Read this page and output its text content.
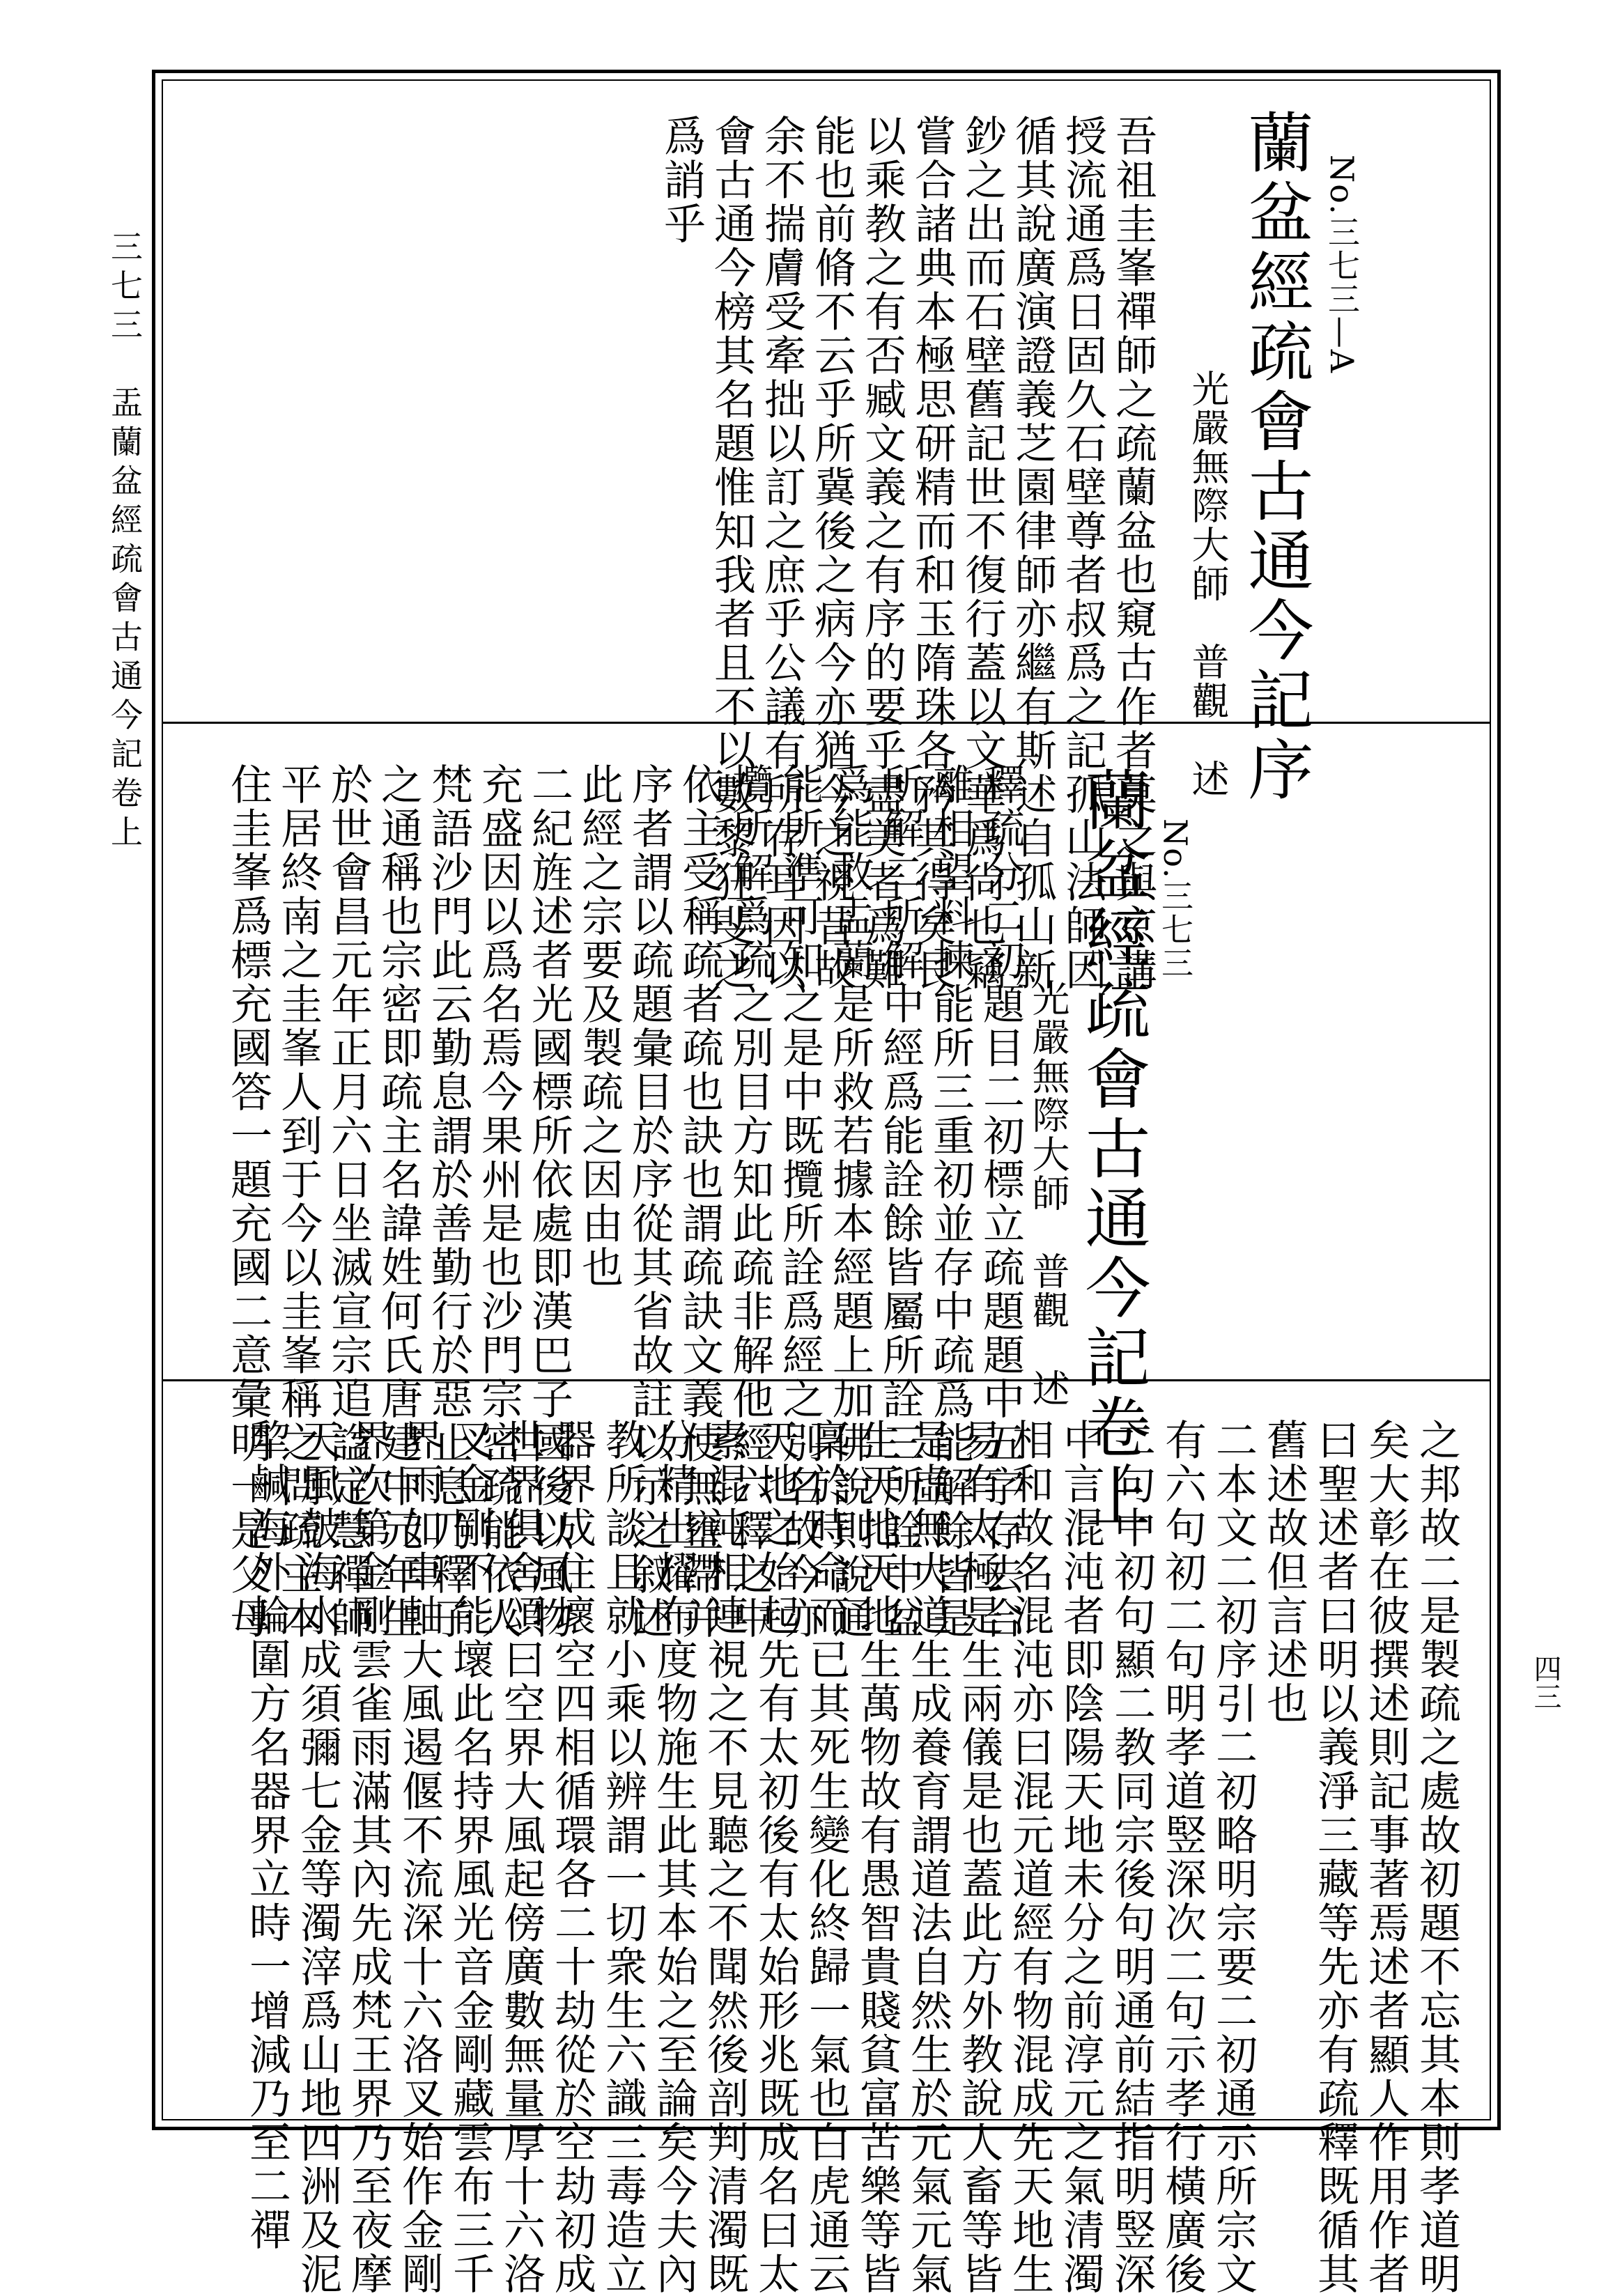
三七三　盂蘭盆經疏會古通今記卷上
四三
No.三七三—A
蘭盆經疏會古通今記序
光嚴無際大師　普觀　述
吾祖圭峯禪師之疏蘭盆也窺古作者莫之與京講
授流通爲日固久石壁尊者叔爲之記孤山法師因
循其說廣演證義芝園律師亦繼有斯述自孤山新
鈔之出而石壁舊記世不復行蓋以文華爲尙也竊
嘗合諸典本極思研精而和玉隋珠各矜其得矣艮
以乘教之有否臧文義之有序的要乎盡美者爲難
能也前脩不云乎所冀後之病今亦猶今之視昔故
余不揣膚受牽拙以訂之庶乎公議有所存耳因以
會古通今榜其名題惟知我者且不以數黎狂斐之
爲誚乎
No.三七三
蘭盆經疏會古通今記卷上
光嚴無際大師　普觀　述
釋疏分二初題目二初標立疏題題中五字存去合
離相望料揀能所三重初並存中疏爲能解餘皆是
所解二所解中經爲能詮餘皆屬所詮三所詮中盆
爲能救盂蘭是所救若據本經題上加佛說則說通
能所準可知之是中既攬所詮爲經之別名故今亦
攬所解爲疏之別目方知此疏非解他經六釋之中
依主受稱疏者疏也訣也謂疏訣文義使無壅滯并
序者謂以疏題彙目於序從其省故註以示之叙述
此經之宗要及製疏之因由也
二紀旌述者光國標所依處即漢巴子國後以風物
充盛因以爲名焉今果州是也沙門宗密疏能依人
梵語沙門此云勤息謂於善勤行於惡止息乃釋子
之通稱也宗密即疏主名諱姓何氏唐建中元年生
於世會昌元年正月六日坐滅宣宗追諡定慧禪師
平居終南之圭峯人到于今以圭峯稱之問疏主本
住圭峯爲標充國答一題充國二意彙明一是父母
之邦故二是製疏之處故初題不忘其本則孝道明
矣大彰在彼撰述則記事著焉述者顯人作用作者
曰聖述者曰明以義淨三藏等先亦有疏釋既循其
舊述故但言述也
二本文二初序引二初略明宗要二初通示所宗文
有六句初二句明孝道竪深次二句示孝行橫廣後
二句中初句顯二教同宗後句明通前結指明竪深
中言混沌者即陰陽天地未分之前淳元之氣清濁
相和故名混沌亦曰混元道經有物混成先天地生
易有太極是生兩儀是也蓋此方外教說人畜等皆
是虛無大道生成養育謂道法自然生於元氣元氣
生天地天地生萬物故有愚智貴賤貧富苦樂等皆
稟於時命而已其死生變化終歸一氣也白虎通云
天地之始起先有太初後有太始形兆既成名曰太
素混沌相連視之不見聽之不聞然後剖判清濁既
分精出耀布度物施生此其本始之至論矣今夫內
教所談且就小乘以辨謂一切衆生六識三毒造立
器界成住壞空四相循環各二十劫從於空劫初成
世界俱舍頌曰空界大風起傍廣數無量厚十六洛
叉金剛不能壞此名持界風光音金剛藏雲布三千
界雨如車軸大風遏偃不流深十六洛叉始作金剛
界次第金剛雲雀雨滿其內先成梵王界乃至夜摩
天風皷海水成須彌七金等濁滓爲山地四洲及泥
犂鹹海外輪圍方名器界立時一增減乃至二禪
